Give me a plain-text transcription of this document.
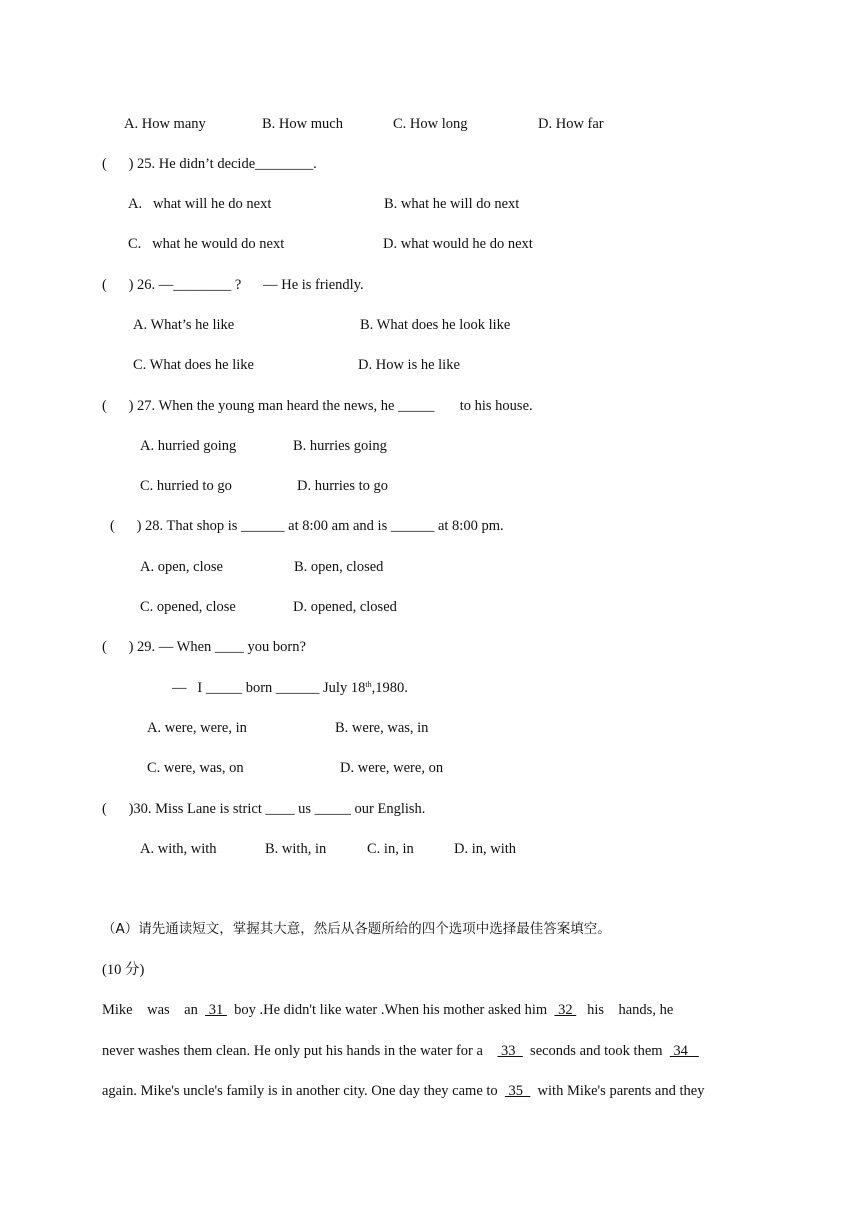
A. How many	B. How much	C. How long	D. How far
(      ) 25. He didn’t decide________.
A.   what will he do next	B. what he will do next
C.   what he would do next	D. what would he do next
(      ) 26. —________ ?      — He is friendly.
A. What’s he like	B. What does he look like
C. What does he like	D. How is he like
(      ) 27. When the young man heard the news, he _____       to his house.
A. hurried going	B. hurries going
C. hurried to go	D. hurries to go
(      ) 28. That shop is ______ at 8:00 am and is ______ at 8:00 pm.
A. open, close	B. open, closed
C. opened, close	D. opened, closed
(      ) 29. — When ____ you born?
—   I _____ born ______ July 18th,1980.
A. were, were, in	B. were, was, in
C. were, was, on	D. were, were, on
(      )30. Miss Lane is strict ____ us _____ our English.
A. with, with	B. with, in	C. in, in	D. in, with
（A）请先通读短文，掌握其大意，然后从各题所给的四个选项中选择最佳答案填空。
(10 分)
Mike    was    an   31   boy .He didn't like water .When his mother asked him   32    his    hands, he
never washes them clean. He only put his hands in the water for a     33    seconds and took them   34
again. Mike's uncle's family is in another city. One day they came to   35    with Mike's parents and they
